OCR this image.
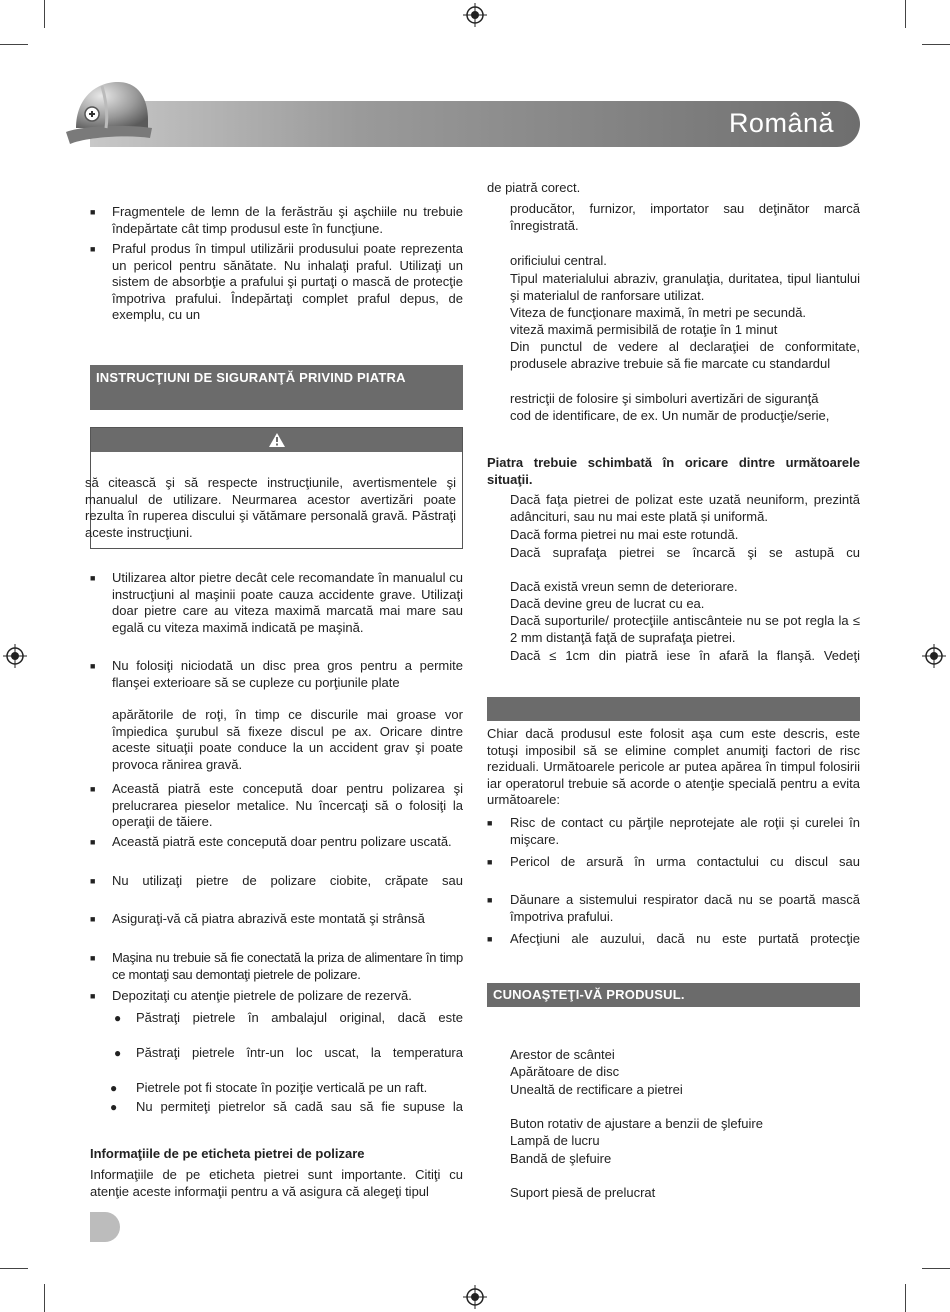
Română
■ Fragmentele de lemn de la ferăstrău şi aşchiile nu trebuie îndepărtate cât timp produsul este în funcţiune.
■ Praful produs în timpul utilizării produsului poate reprezenta un pericol pentru sănătate. Nu inhalaţi praful. Utilizaţi un sistem de absorbţie a prafului şi purtaţi o mască de protecţie împotriva prafului. Îndepărtaţi complet praful depus, de exemplu, cu un
INSTRUCŢIUNI DE SIGURANŢĂ PRIVIND PIATRA
să citească şi să respecte instrucţiunile, avertismentele şi manualul de utilizare. Neurmarea acestor avertizări poate rezulta în ruperea discului şi vătămare personală gravă. Păstraţi aceste instrucţiuni.
■ Utilizarea altor pietre decât cele recomandate în manualul cu instrucţiuni al maşinii poate cauza accidente grave. Utilizaţi doar pietre care au viteza maximă marcată mai mare sau egală cu viteza maximă indicată pe maşină.
■ Nu folosiţi niciodată un disc prea gros pentru a permite flanşei exterioare să se cupleze cu porţiunile plate
apărătorile de roţi, în timp ce discurile mai groase vor împiedica şurubul să fixeze discul pe ax. Oricare dintre aceste situaţii poate conduce la un accident grav şi poate provoca rănirea gravă.
■ Această piatră este concepută doar pentru polizarea şi prelucrarea pieselor metalice. Nu încercaţi să o folosiţi la operaţii de tăiere.
■ Această piatră este concepută doar pentru polizare uscată.
■ Nu utilizaţi pietre de polizare ciobite, crăpate sau
■ Asiguraţi-vă că piatra abrazivă este montată şi strânsă
■ Maşina nu trebuie să fie conectată la priza de alimentare în timp ce montaţi sau demontaţi pietrele de polizare.
■ Depozitaţi cu atenţie pietrele de polizare de rezervă.
● Păstraţi pietrele în ambalajul original, dacă este
● Păstraţi pietrele într-un loc uscat, la temperatura
● Pietrele pot fi stocate în poziţie verticală pe un raft.
● Nu permiteţi pietrelor să cadă sau să fie supuse la
Informaţiile de pe eticheta pietrei de polizare
Informaţiile de pe eticheta pietrei sunt importante. Citiţi cu atenţie aceste informaţii pentru a vă asigura că alegeţi tipul
de piatră corect.
producător, furnizor, importator sau deţinător marcă înregistrată.
orificiului central.
Tipul materialului abraziv, granulaţia, duritatea, tipul liantului şi materialul de ranforsare utilizat.
Viteza de funcţionare maximă, în metri pe secundă.
viteză maximă permisibilă de rotaţie în 1 minut
Din punctul de vedere al declaraţiei de conformitate, produsele abrazive trebuie să fie marcate cu standardul
restricţii de folosire şi simboluri avertizări de siguranţă
cod de identificare, de ex. Un număr de producţie/serie,
Piatra trebuie schimbată în oricare dintre următoarele situaţii.
Dacă faţa pietrei de polizat este uzată neuniform, prezintă adâncituri, sau nu mai este plată și uniformă.
Dacă forma pietrei nu mai este rotundă.
Dacă suprafaţa pietrei se încarcă şi se astupă cu
Dacă există vreun semn de deteriorare.
Dacă devine greu de lucrat cu ea.
Dacă suporturile/ protecţiile antiscânteie nu se pot regla la ≤ 2 mm distanţă faţă de suprafaţa pietrei.
Dacă ≤ 1cm din piatră iese în afară la flanşă. Vedeţi
Chiar dacă produsul este folosit aşa cum este descris, este totuşi imposibil să se elimine complet anumiţi factori de risc reziduali. Următoarele pericole ar putea apărea în timpul folosirii iar operatorul trebuie să acorde o atenţie specială pentru a evita următoarele:
■ Risc de contact cu părţile neprotejate ale roţii și curelei în mişcare.
■ Pericol de arsură în urma contactului cu discul sau
■ Dăunare a sistemului respirator dacă nu se poartă mască împotriva prafului.
■ Afecţiuni ale auzului, dacă nu este purtată protecţie
CUNOAŞTEŢI-VĂ PRODUSUL.
Arestor de scântei
Apărătoare de disc
Unealtă de rectificare a pietrei
Buton rotativ de ajustare a benzii de şlefuire
Lampă de lucru
Bandă de şlefuire
Suport piesă de prelucrat
